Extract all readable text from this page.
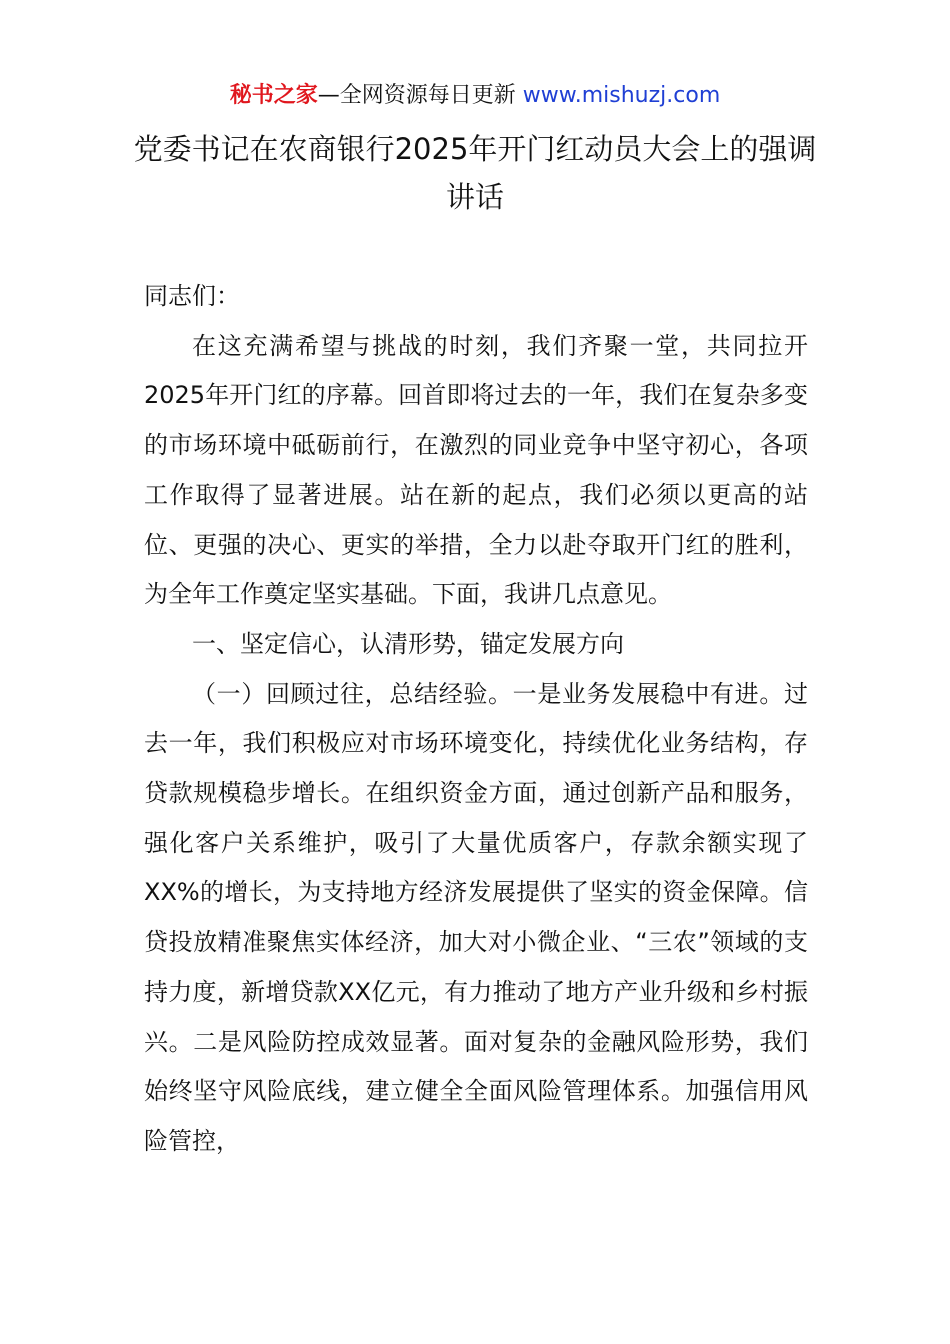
秘书之家—全网资源每日更新 www.mishuzj.com
党委书记在农商银行2025年开门红动员大会上的强调讲话

同志们：

在这充满希望与挑战的时刻，我们齐聚一堂，共同拉开2025年开门红的序幕。回首即将过去的一年，我们在复杂多变的市场环境中砥砺前行，在激烈的同业竞争中坚守初心，各项工作取得了显著进展。站在新的起点，我们必须以更高的站位、更强的决心、更实的举措，全力以赴夺取开门红的胜利，为全年工作奠定坚实基础。下面，我讲几点意见。

一、坚定信心，认清形势，锚定发展方向

（一）回顾过往，总结经验。一是业务发展稳中有进。过去一年，我们积极应对市场环境变化，持续优化业务结构，存贷款规模稳步增长。在组织资金方面，通过创新产品和服务，强化客户关系维护，吸引了大量优质客户，存款余额实现了XX%的增长，为支持地方经济发展提供了坚实的资金保障。信贷投放精准聚焦实体经济，加大对小微企业、“三农”领域的支持力度，新增贷款XX亿元，有力推动了地方产业升级和乡村振兴。二是风险防控成效显著。面对复杂的金融风险形势，我们始终坚守风险底线，建立健全全面风险管理体系。加强信用风险管控，
